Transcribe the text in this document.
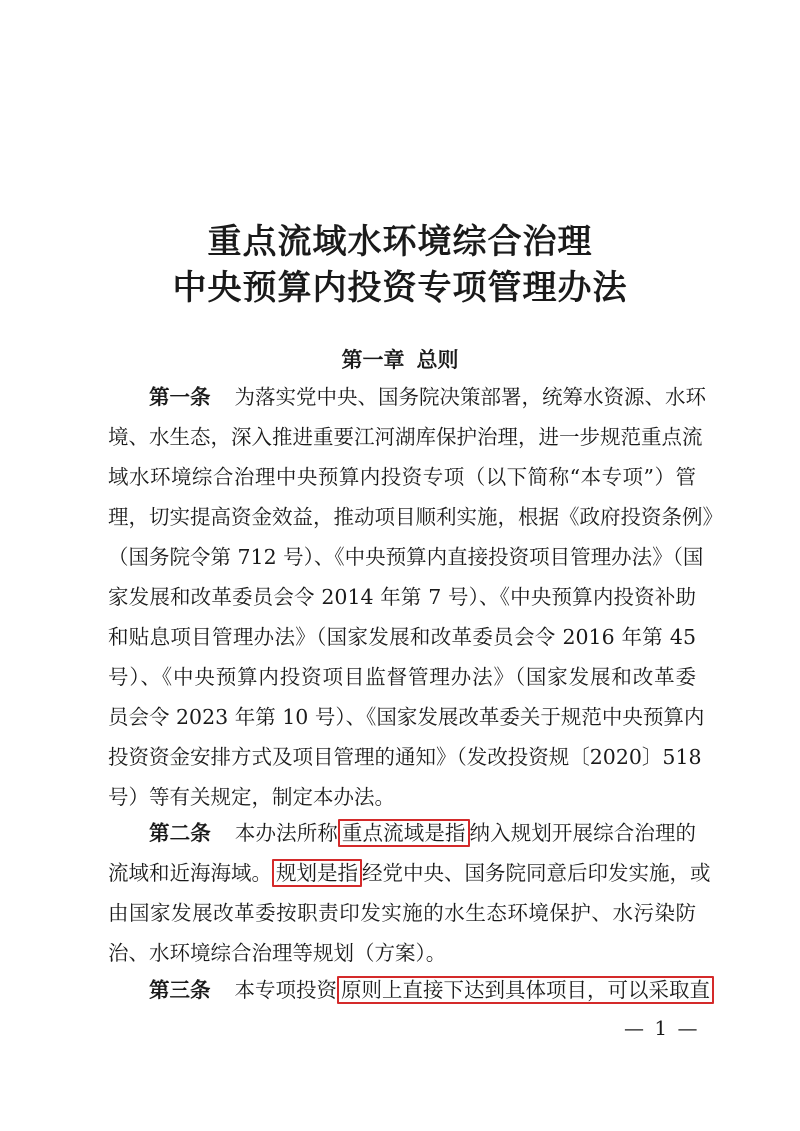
重点流域水环境综合治理
中央预算内投资专项管理办法
第一章 总则
第一条 为落实党中央、国务院决策部署，统筹水资源、水环
境、水生态，深入推进重要江河湖库保护治理，进一步规范重点流
域水环境综合治理中央预算内投资专项（以下简称“本专项”）管
理，切实提高资金效益，推动项目顺利实施，根据《政府投资条例》
（国务院令第 712 号）、《中央预算内直接投资项目管理办法》（国
家发展和改革委员会令 2014 年第 7 号）、《中央预算内投资补助
和贴息项目管理办法》（国家发展和改革委员会令 2016 年第 45
号）、《中央预算内投资项目监督管理办法》（国家发展和改革委
员会令 2023 年第 10 号）、《国家发展改革委关于规范中央预算内
投资资金安排方式及项目管理的通知》（发改投资规〔2020〕518
号）等有关规定，制定本办法。
第二条 本办法所称 重点流域是指 纳入规划开展综合治理的
流域和近海海域。 规划是指 经党中央、国务院同意后印发实施，或
由国家发展改革委按职责印发实施的水生态环境保护、水污染防
治、水环境综合治理等规划（方案）。
第三条 本专项投资 原则上直接下达到具体项目，可以采取直
— 1 —
